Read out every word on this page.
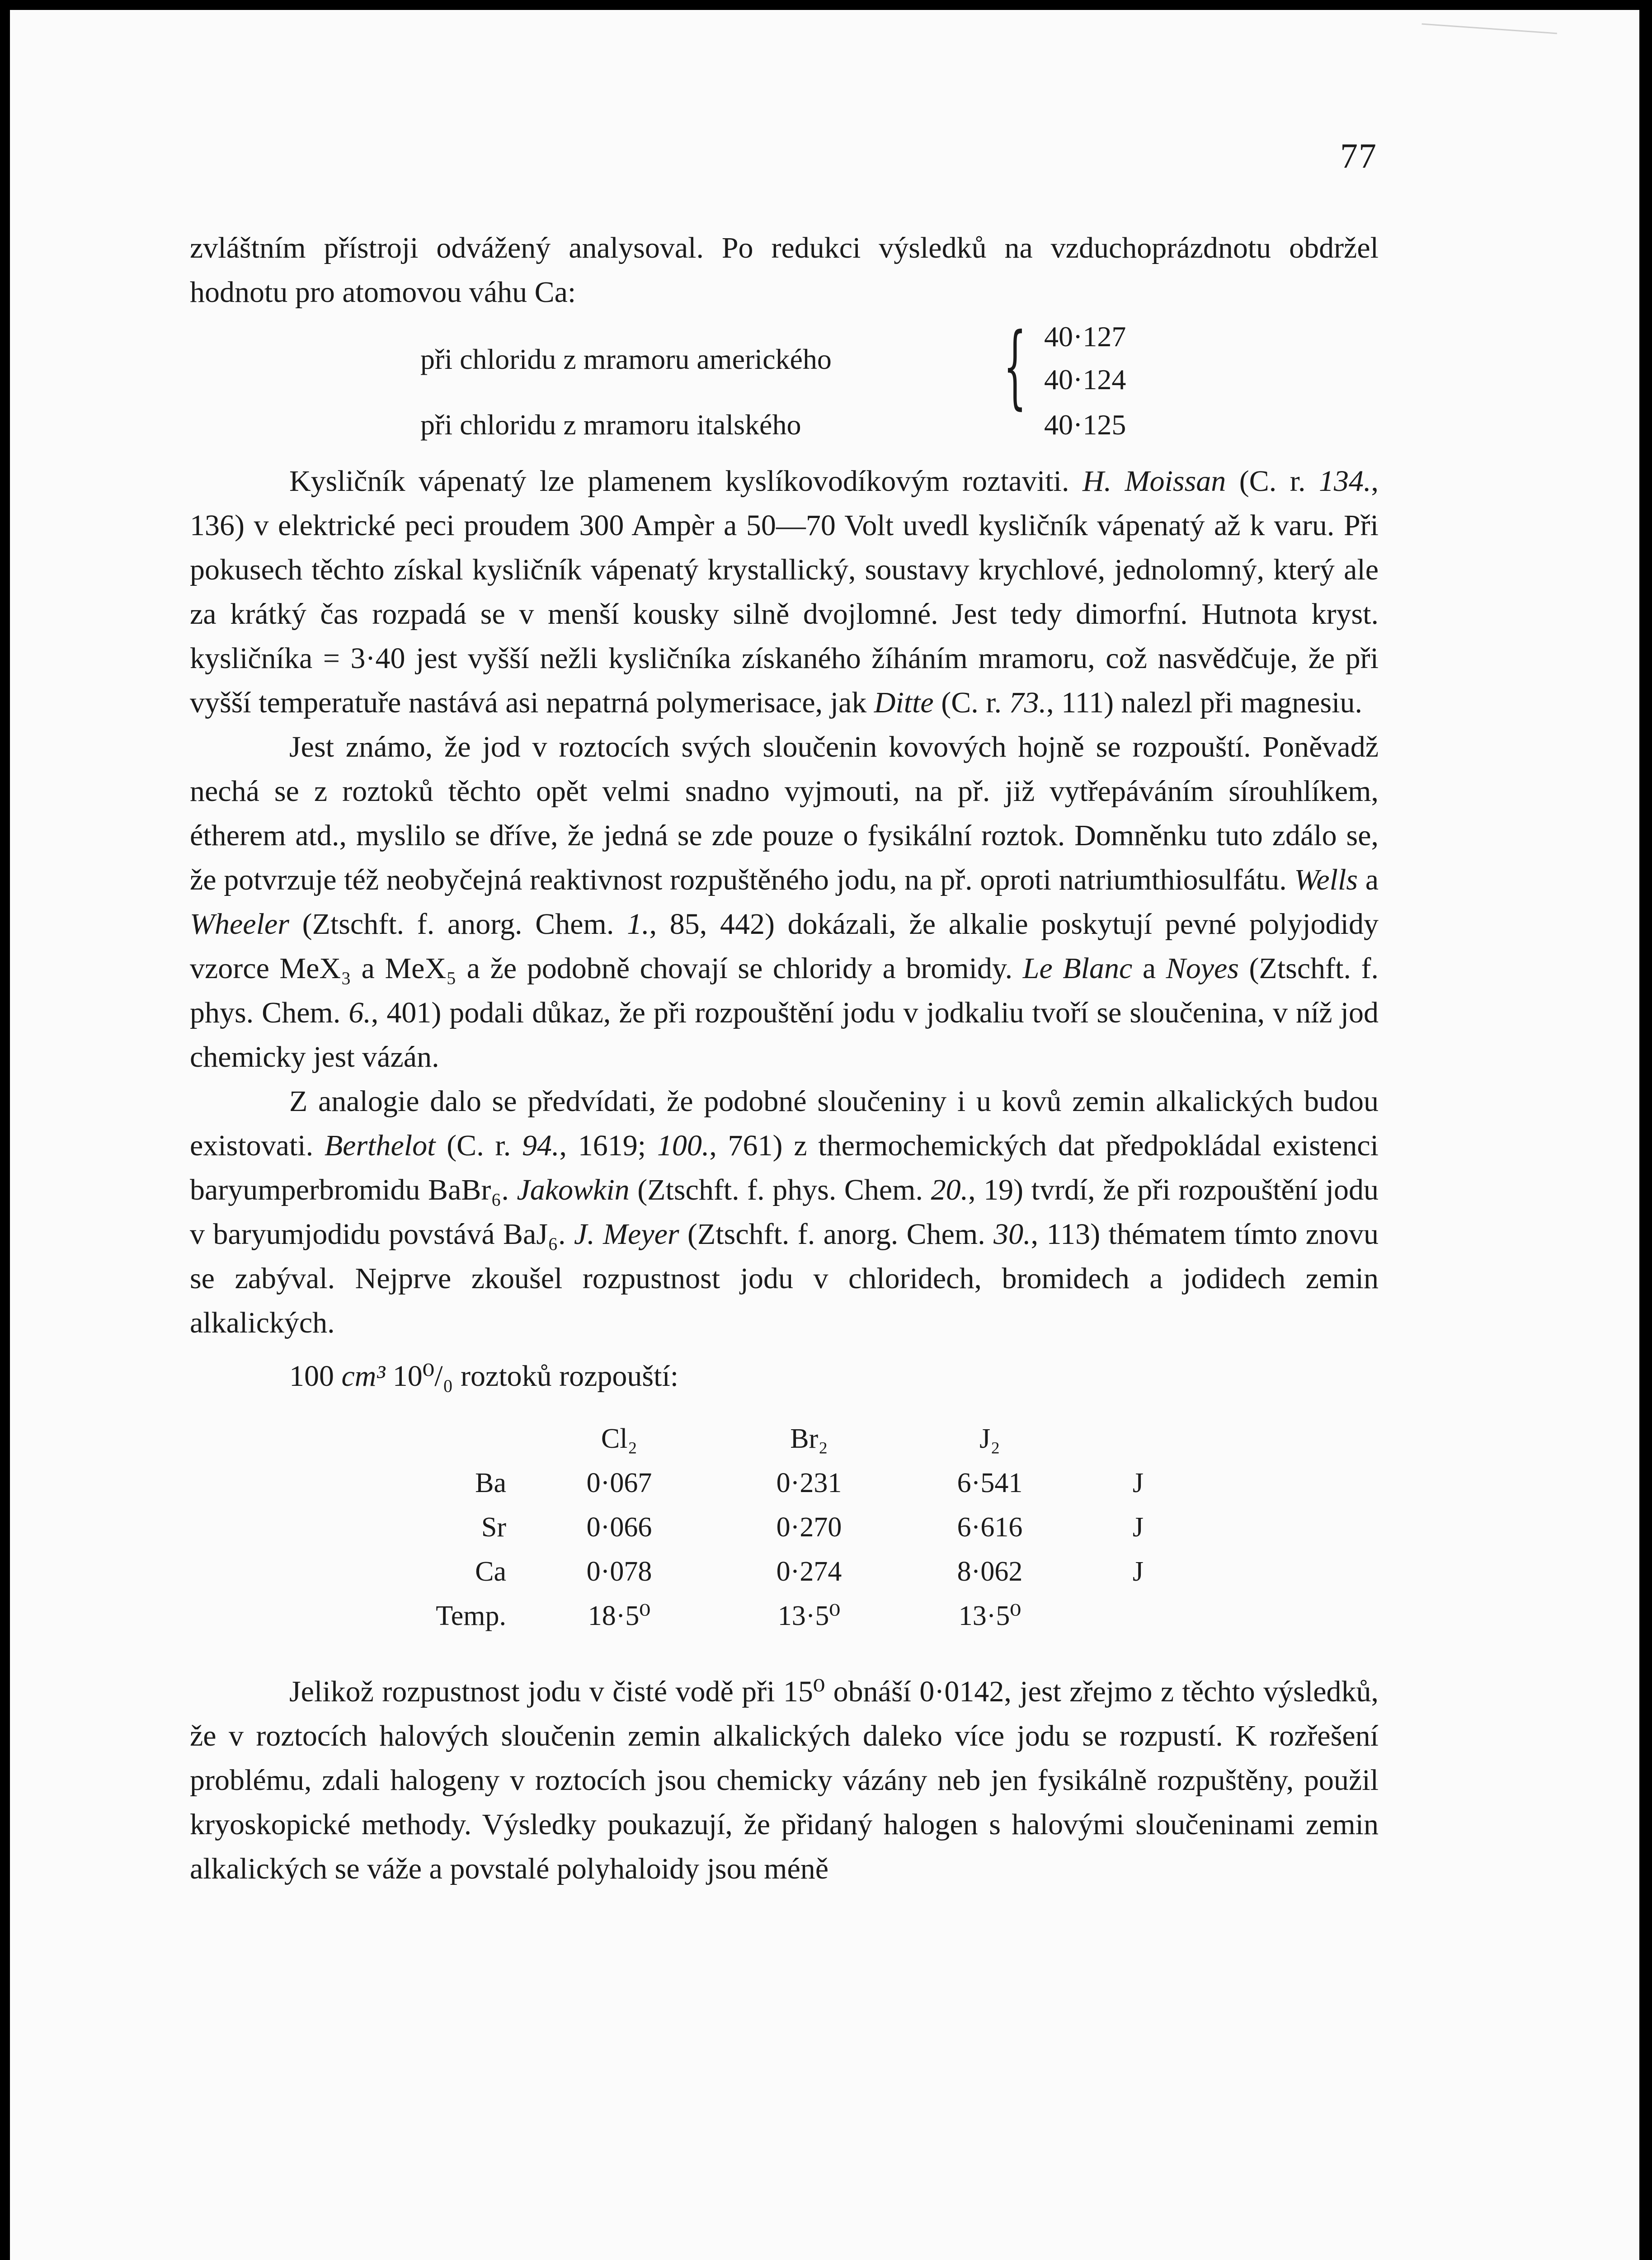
77

zvláštním přístroji odvážený analysoval. Po redukci výsledků na vzduchoprázdnotu obdržel hodnotu pro atomovou váhu Ca:

při chloridu z mramoru amerického { 40·127
40·124
při chloridu z mramoru italského	40·125

Kysličník vápenatý lze plamenem kyslíkovodíkovým roztaviti. H. Moissan (C. r. 134., 136) v elektrické peci proudem 300 Ampèr a 50—70 Volt uvedl kysličník vápenatý až k varu. Při pokusech těchto získal kysličník vápenatý krystallický, soustavy krychlové, jednolomný, který ale za krátký čas rozpadá se v menší kousky silně dvojlomné. Jest tedy dimorfní. Hutnota kryst. kysličníka = 3·40 jest vyšší nežli kysličníka získaného žíháním mramoru, což nasvědčuje, že při vyšší temperatuře nastává asi nepatrná polymerisace, jak Ditte (C. r. 73., 111) nalezl při magnesiu.

Jest známo, že jod v roztocích svých sloučenin kovových hojně se rozpouští. Poněvadž nechá se z roztoků těchto opět velmi snadno vyjmouti, na př. již vytřepáváním sírouhlíkem, étherem atd., myslilo se dříve, že jedná se zde pouze o fysikální roztok. Domněnku tuto zdálo se, že potvrzuje též neobyčejná reaktivnost rozpuštěného jodu, na př. oproti natriumthiosulfátu. Wells a Wheeler (Ztschft. f. anorg. Chem. 1., 85, 442) dokázali, že alkalie poskytují pevné polyjodidy vzorce MeX₃ a MeX₅ a že podobně chovají se chloridy a bromidy. Le Blanc a Noyes (Ztschft. f. phys. Chem. 6., 401) podali důkaz, že při rozpouštění jodu v jodkaliu tvoří se sloučenina, v níž jod chemicky jest vázán.

Z analogie dalo se předvídati, že podobné sloučeniny i u kovů zemin alkalických budou existovati. Berthelot (C. r. 94., 1619; 100., 761) z thermochemických dat předpokládal existenci baryumperbromidu BaBr₆. Jakowkin (Ztschft. f. phys. Chem. 20., 19) tvrdí, že při rozpouštění jodu v baryumjodidu povstává BaJ₆. J. Meyer (Ztschft. f. anorg. Chem. 30., 113) thématem tímto znovu se zabýval. Nejprve zkoušel rozpustnost jodu v chloridech, bromidech a jodidech zemin alkalických.

100 cm³ 10⁰/₀ roztoků rozpouští:

	Cl₂	Br₂	J₂	
Ba	0·067	0·231	6·541	J
Sr	0·066	0·270	6·616	J
Ca	0·078	0·274	8·062	J
Temp.	18·5⁰	13·5⁰	13·5⁰	

Jelikož rozpustnost jodu v čisté vodě při 15⁰ obnáší 0·0142, jest zřejmo z těchto výsledků, že v roztocích halových sloučenin zemin alkalických daleko více jodu se rozpustí. K rozřešení problému, zdali halogeny v roztocích jsou chemicky vázány neb jen fysikálně rozpuštěny, použil kryoskopické methody. Výsledky poukazují, že přidaný halogen s halovými sloučeninami zemin alkalických se váže a povstalé polyhaloidy jsou méně
